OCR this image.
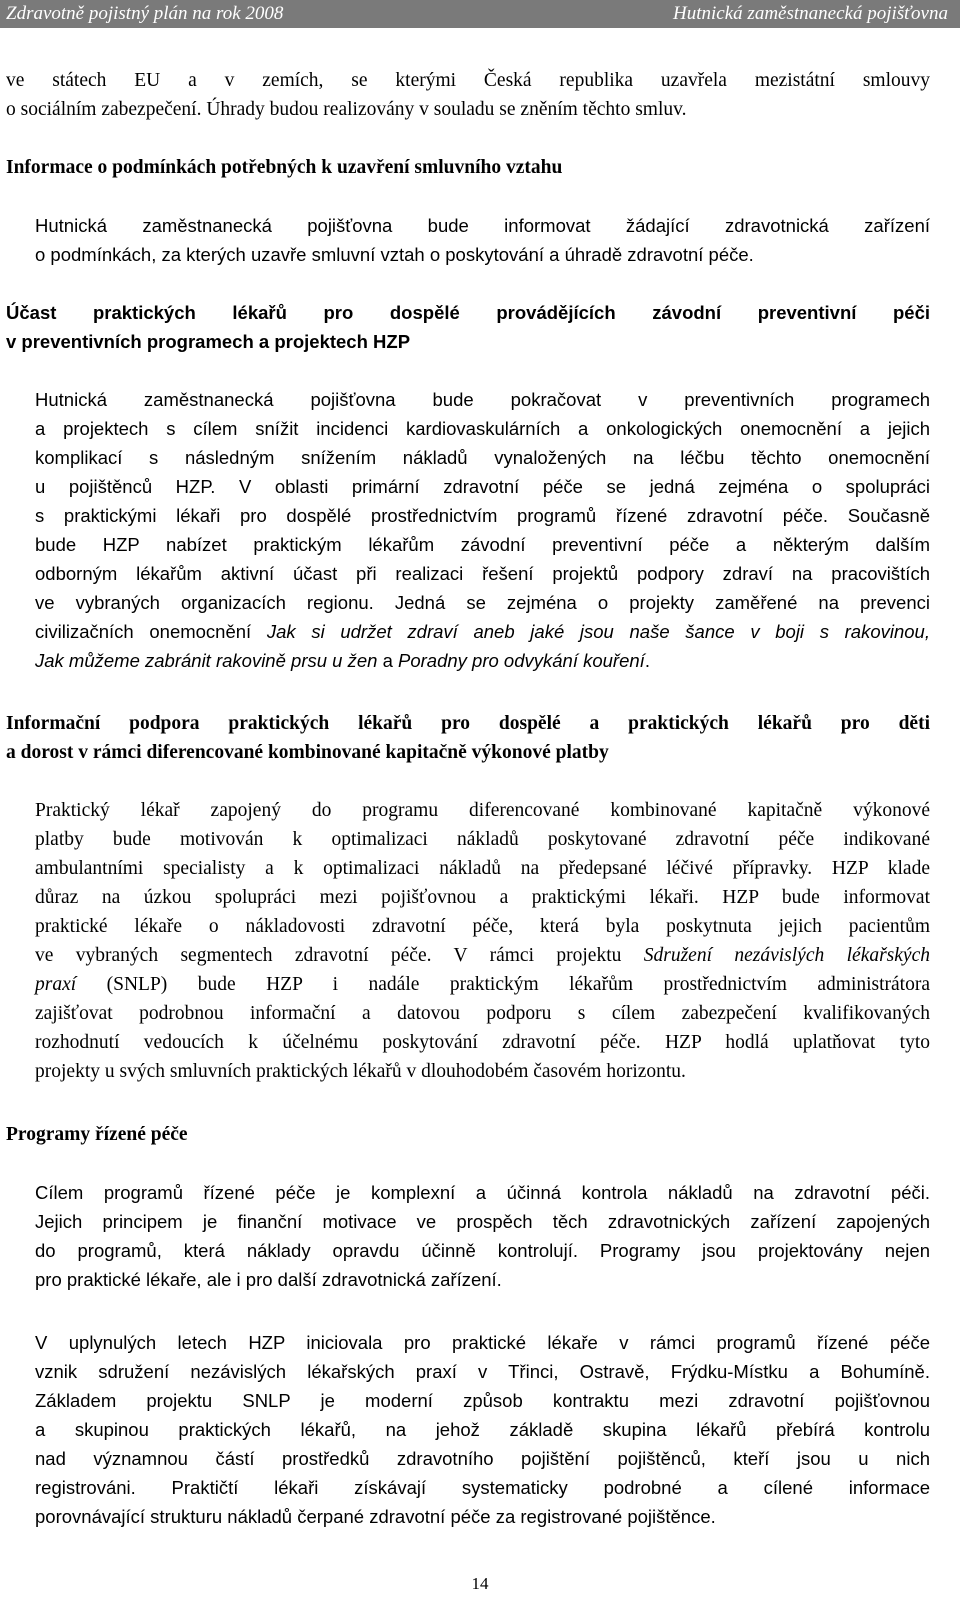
Zdravotně pojistný plán na rok 2008	Hutnická zaměstnanecká pojišťovna

ve státech EU a v zemích, se kterými Česká republika uzavřela mezistátní smlouvy
o sociálním zabezpečení. Úhrady budou realizovány v souladu se zněním těchto smluv.

Informace o podmínkách potřebných k uzavření smluvního vztahu

Hutnická zaměstnanecká pojišťovna bude informovat žádající zdravotnická zařízení
o podmínkách, za kterých uzavře smluvní vztah o poskytování a úhradě zdravotní péče.

Účast praktických lékařů pro dospělé provádějících závodní preventivní péči
v preventivních programech a projektech HZP

Hutnická zaměstnanecká pojišťovna bude pokračovat v preventivních programech
a projektech s cílem snížit incidenci kardiovaskulárních a onkologických onemocnění a jejich
komplikací s následným snížením nákladů vynaložených na léčbu těchto onemocnění
u pojištěnců HZP. V oblasti primární zdravotní péče se jedná zejména o spolupráci
s praktickými lékaři pro dospělé prostřednictvím programů řízené zdravotní péče. Současně
bude HZP nabízet praktickým lékařům závodní preventivní péče a některým dalším
odborným lékařům aktivní účast při realizaci řešení projektů podpory zdraví na pracovištích
ve vybraných organizacích regionu. Jedná se zejména o projekty zaměřené na prevenci
civilizačních onemocnění Jak si udržet zdraví aneb jaké jsou naše šance v boji s rakovinou,
Jak můžeme zabránit rakovině prsu u žen a Poradny pro odvykání kouření.

Informační podpora praktických lékařů pro dospělé a praktických lékařů pro děti
a dorost v rámci diferencované kombinované kapitačně výkonové platby

Praktický lékař zapojený do programu diferencované kombinované kapitačně výkonové
platby bude motivován k optimalizaci nákladů poskytované zdravotní péče indikované
ambulantními specialisty a k optimalizaci nákladů na předepsané léčivé přípravky. HZP klade
důraz na úzkou spolupráci mezi pojišťovnou a praktickými lékaři. HZP bude informovat
praktické lékaře o nákladovosti zdravotní péče, která byla poskytnuta jejich pacientům
ve vybraných segmentech zdravotní péče. V rámci projektu Sdružení nezávislých lékařských
praxí (SNLP) bude HZP i nadále praktickým lékařům prostřednictvím administrátora
zajišťovat podrobnou informační a datovou podporu s cílem zabezpečení kvalifikovaných
rozhodnutí vedoucích k účelnému poskytování zdravotní péče. HZP hodlá uplatňovat tyto
projekty u svých smluvních praktických lékařů v dlouhodobém časovém horizontu.

Programy řízené péče

Cílem programů řízené péče je komplexní a účinná kontrola nákladů na zdravotní péči.
Jejich principem je finanční motivace ve prospěch těch zdravotnických zařízení zapojených
do programů, která náklady opravdu účinně kontrolují. Programy jsou projektovány nejen
pro praktické lékaře, ale i pro další zdravotnická zařízení.

V uplynulých letech HZP iniciovala pro praktické lékaře v rámci programů řízené péče
vznik sdružení nezávislých lékařských praxí v Třinci, Ostravě, Frýdku-Místku a Bohumíně.
Základem projektu SNLP je moderní způsob kontraktu mezi zdravotní pojišťovnou
a skupinou praktických lékařů, na jehož základě skupina lékařů přebírá kontrolu
nad významnou částí prostředků zdravotního pojištění pojištěnců, kteří jsou u nich
registrováni. Praktičtí lékaři získávají systematicky podrobné a cílené informace
porovnávající strukturu nákladů čerpané zdravotní péče za registrované pojištěnce.

14
